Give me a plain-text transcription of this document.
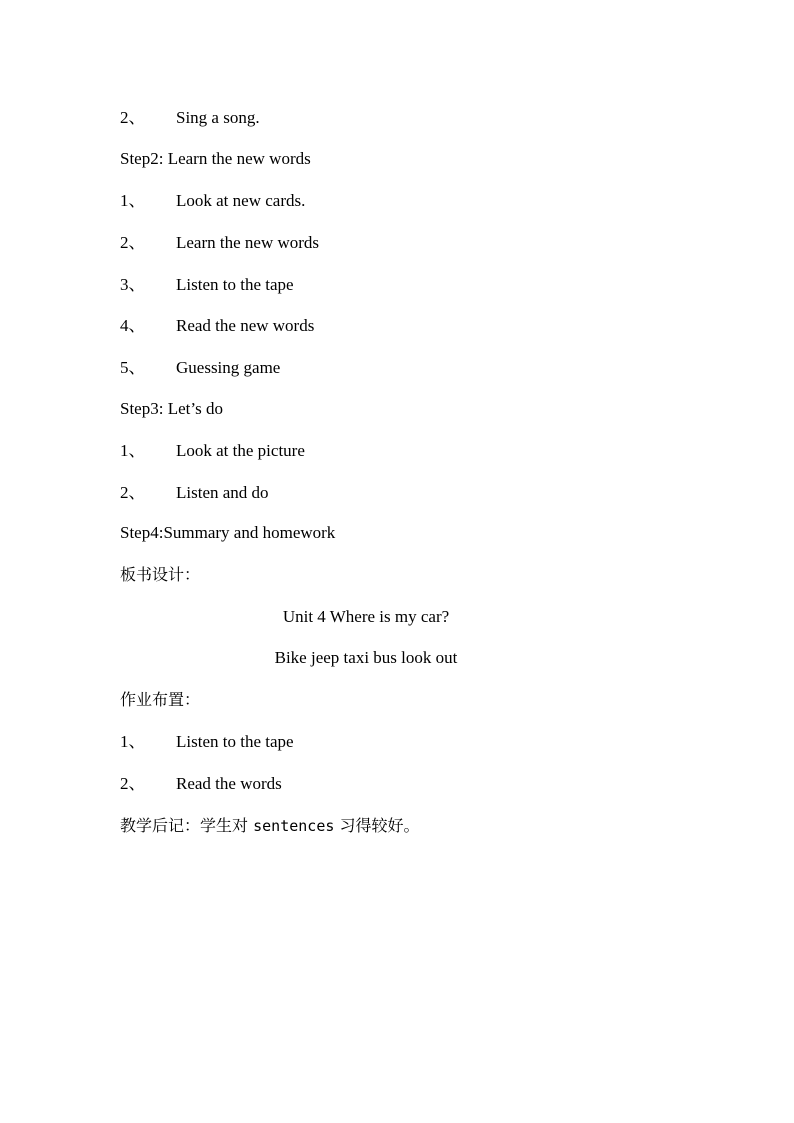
2、	Sing a song.
Step2: Learn the new words
1、	Look at new cards.
2、	Learn the new words
3、	Listen to the tape
4、	Read the new words
5、	Guessing game
Step3: Let’s do
1、	Look at the picture
2、	Listen and do
Step4:Summary and homework
板书设计：
Unit 4 Where is my car?
Bike jeep taxi bus look out
作业布置：
1、	Listen to the tape
2、	Read the words
教学后记：学生对 sentences 习得较好。
